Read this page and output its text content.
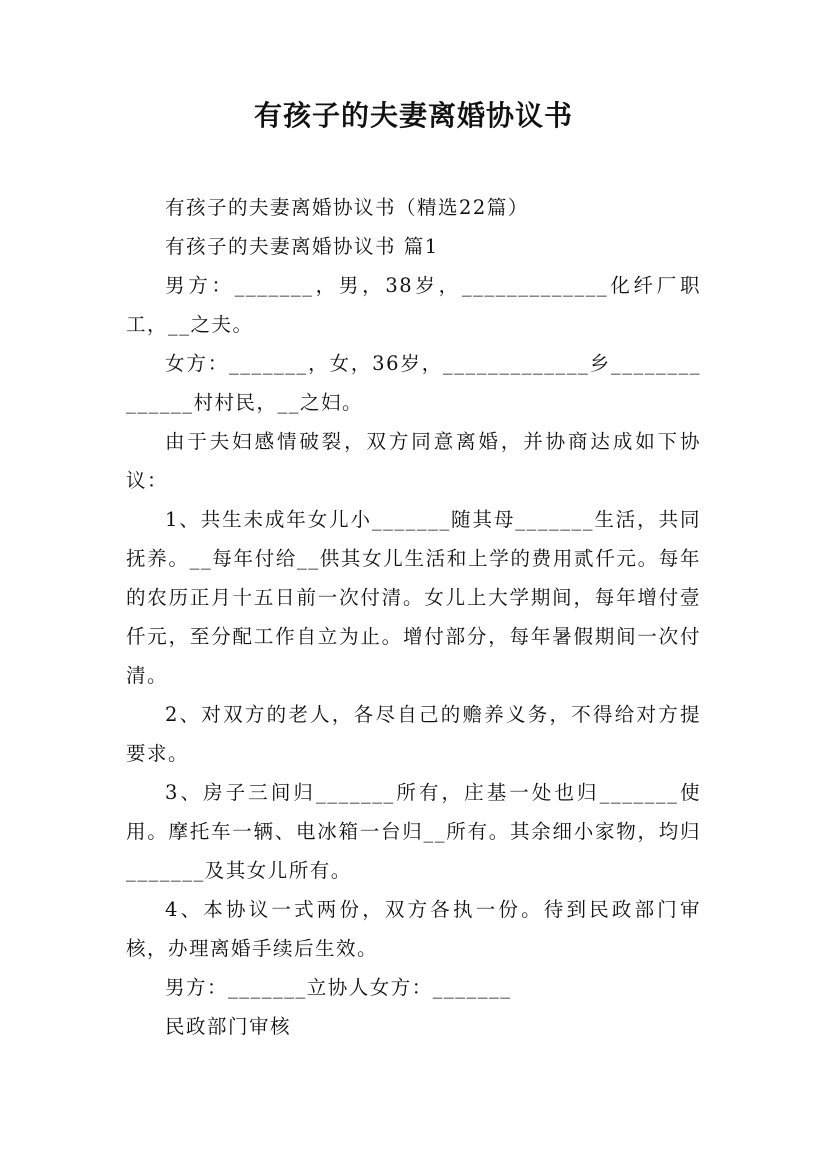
有孩子的夫妻离婚协议书

有孩子的夫妻离婚协议书（精选22篇）

有孩子的夫妻离婚协议书 篇1

男方：_______，男，38岁，_____________化纤厂职工，__之夫。

女方：_______，女，36岁，_____________乡______________村村民，__之妇。

由于夫妇感情破裂，双方同意离婚，并协商达成如下协议：

1、共生未成年女儿小_______随其母_______生活，共同抚养。__每年付给__供其女儿生活和上学的费用贰仟元。每年的农历正月十五日前一次付清。女儿上大学期间，每年增付壹仟元，至分配工作自立为止。增付部分，每年暑假期间一次付清。

2、对双方的老人，各尽自己的赡养义务，不得给对方提要求。

3、房子三间归_______所有，庄基一处也归_______使用。摩托车一辆、电冰箱一台归__所有。其余细小家物，均归_______及其女儿所有。

4、本协议一式两份，双方各执一份。待到民政部门审核，办理离婚手续后生效。

男方：_______立协人女方：_______

民政部门审核
